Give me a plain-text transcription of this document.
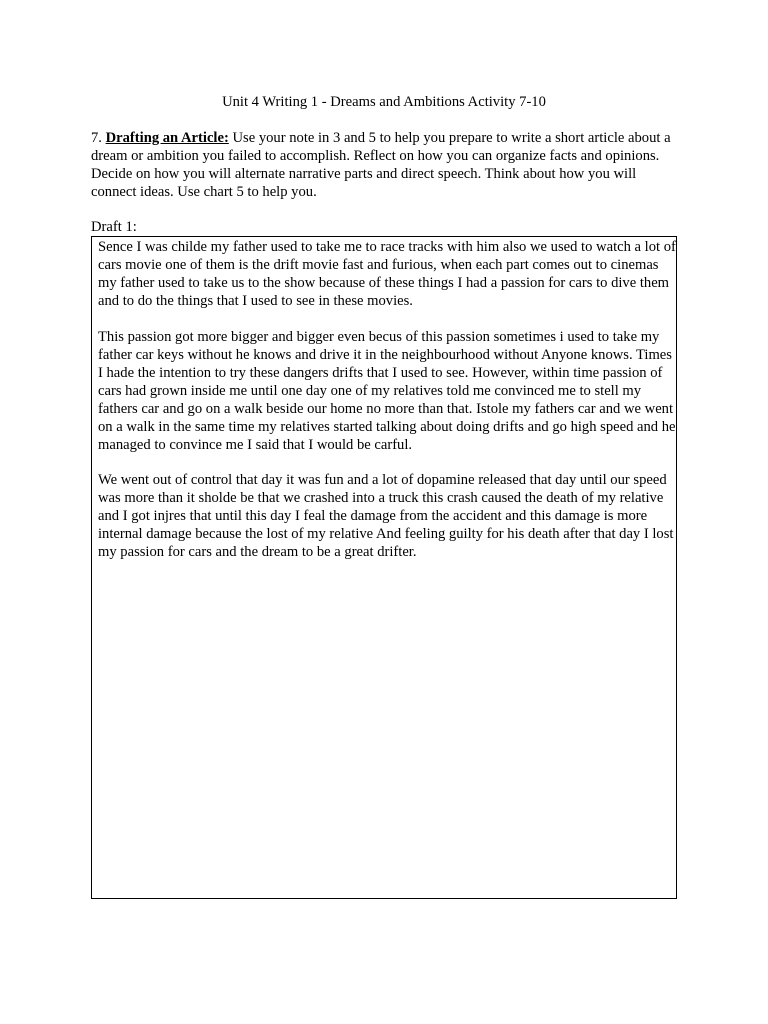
Unit 4 Writing 1 - Dreams and Ambitions Activity 7-10
7. Drafting an Article: Use your note in 3 and 5 to help you prepare to write a short article about a dream or ambition you failed to accomplish. Reflect on how you can organize facts and opinions. Decide on how you will alternate narrative parts and direct speech. Think about how you will connect ideas. Use chart 5 to help you.
Draft 1:

Sence I was childe my father used to take me to race tracks with him also we used to watch a lot of cars movie one of them is the drift movie fast and furious, when each part comes out to cinemas my father used to take us to the show because of these things I had a passion for cars to dive them and to do the things that I used to see in these movies.

This passion got more bigger and bigger even becus of this passion sometimes i used to take my father car keys without he knows and drive it in the neighbourhood without Anyone knows. Times I hade the intention to try these dangers drifts that I used to see. However, within time passion of cars had grown inside me until one day one of my relatives told me convinced me to stell my fathers car and go on a walk beside our home no more than that. Istole my fathers car and we went on a walk in the same time my relatives started talking about doing drifts and go high speed and he managed to convince me I said that I would be carful.

We went out of control that day it was fun and a lot of dopamine released that day until our speed was more than it sholde be that we crashed into a truck this crash caused the death of my relative and I got injres that until this day I feal the damage from the accident and this damage is more internal damage because the lost of my relative And feeling guilty for his death after that day I lost my passion for cars and the dream to be a great drifter.
